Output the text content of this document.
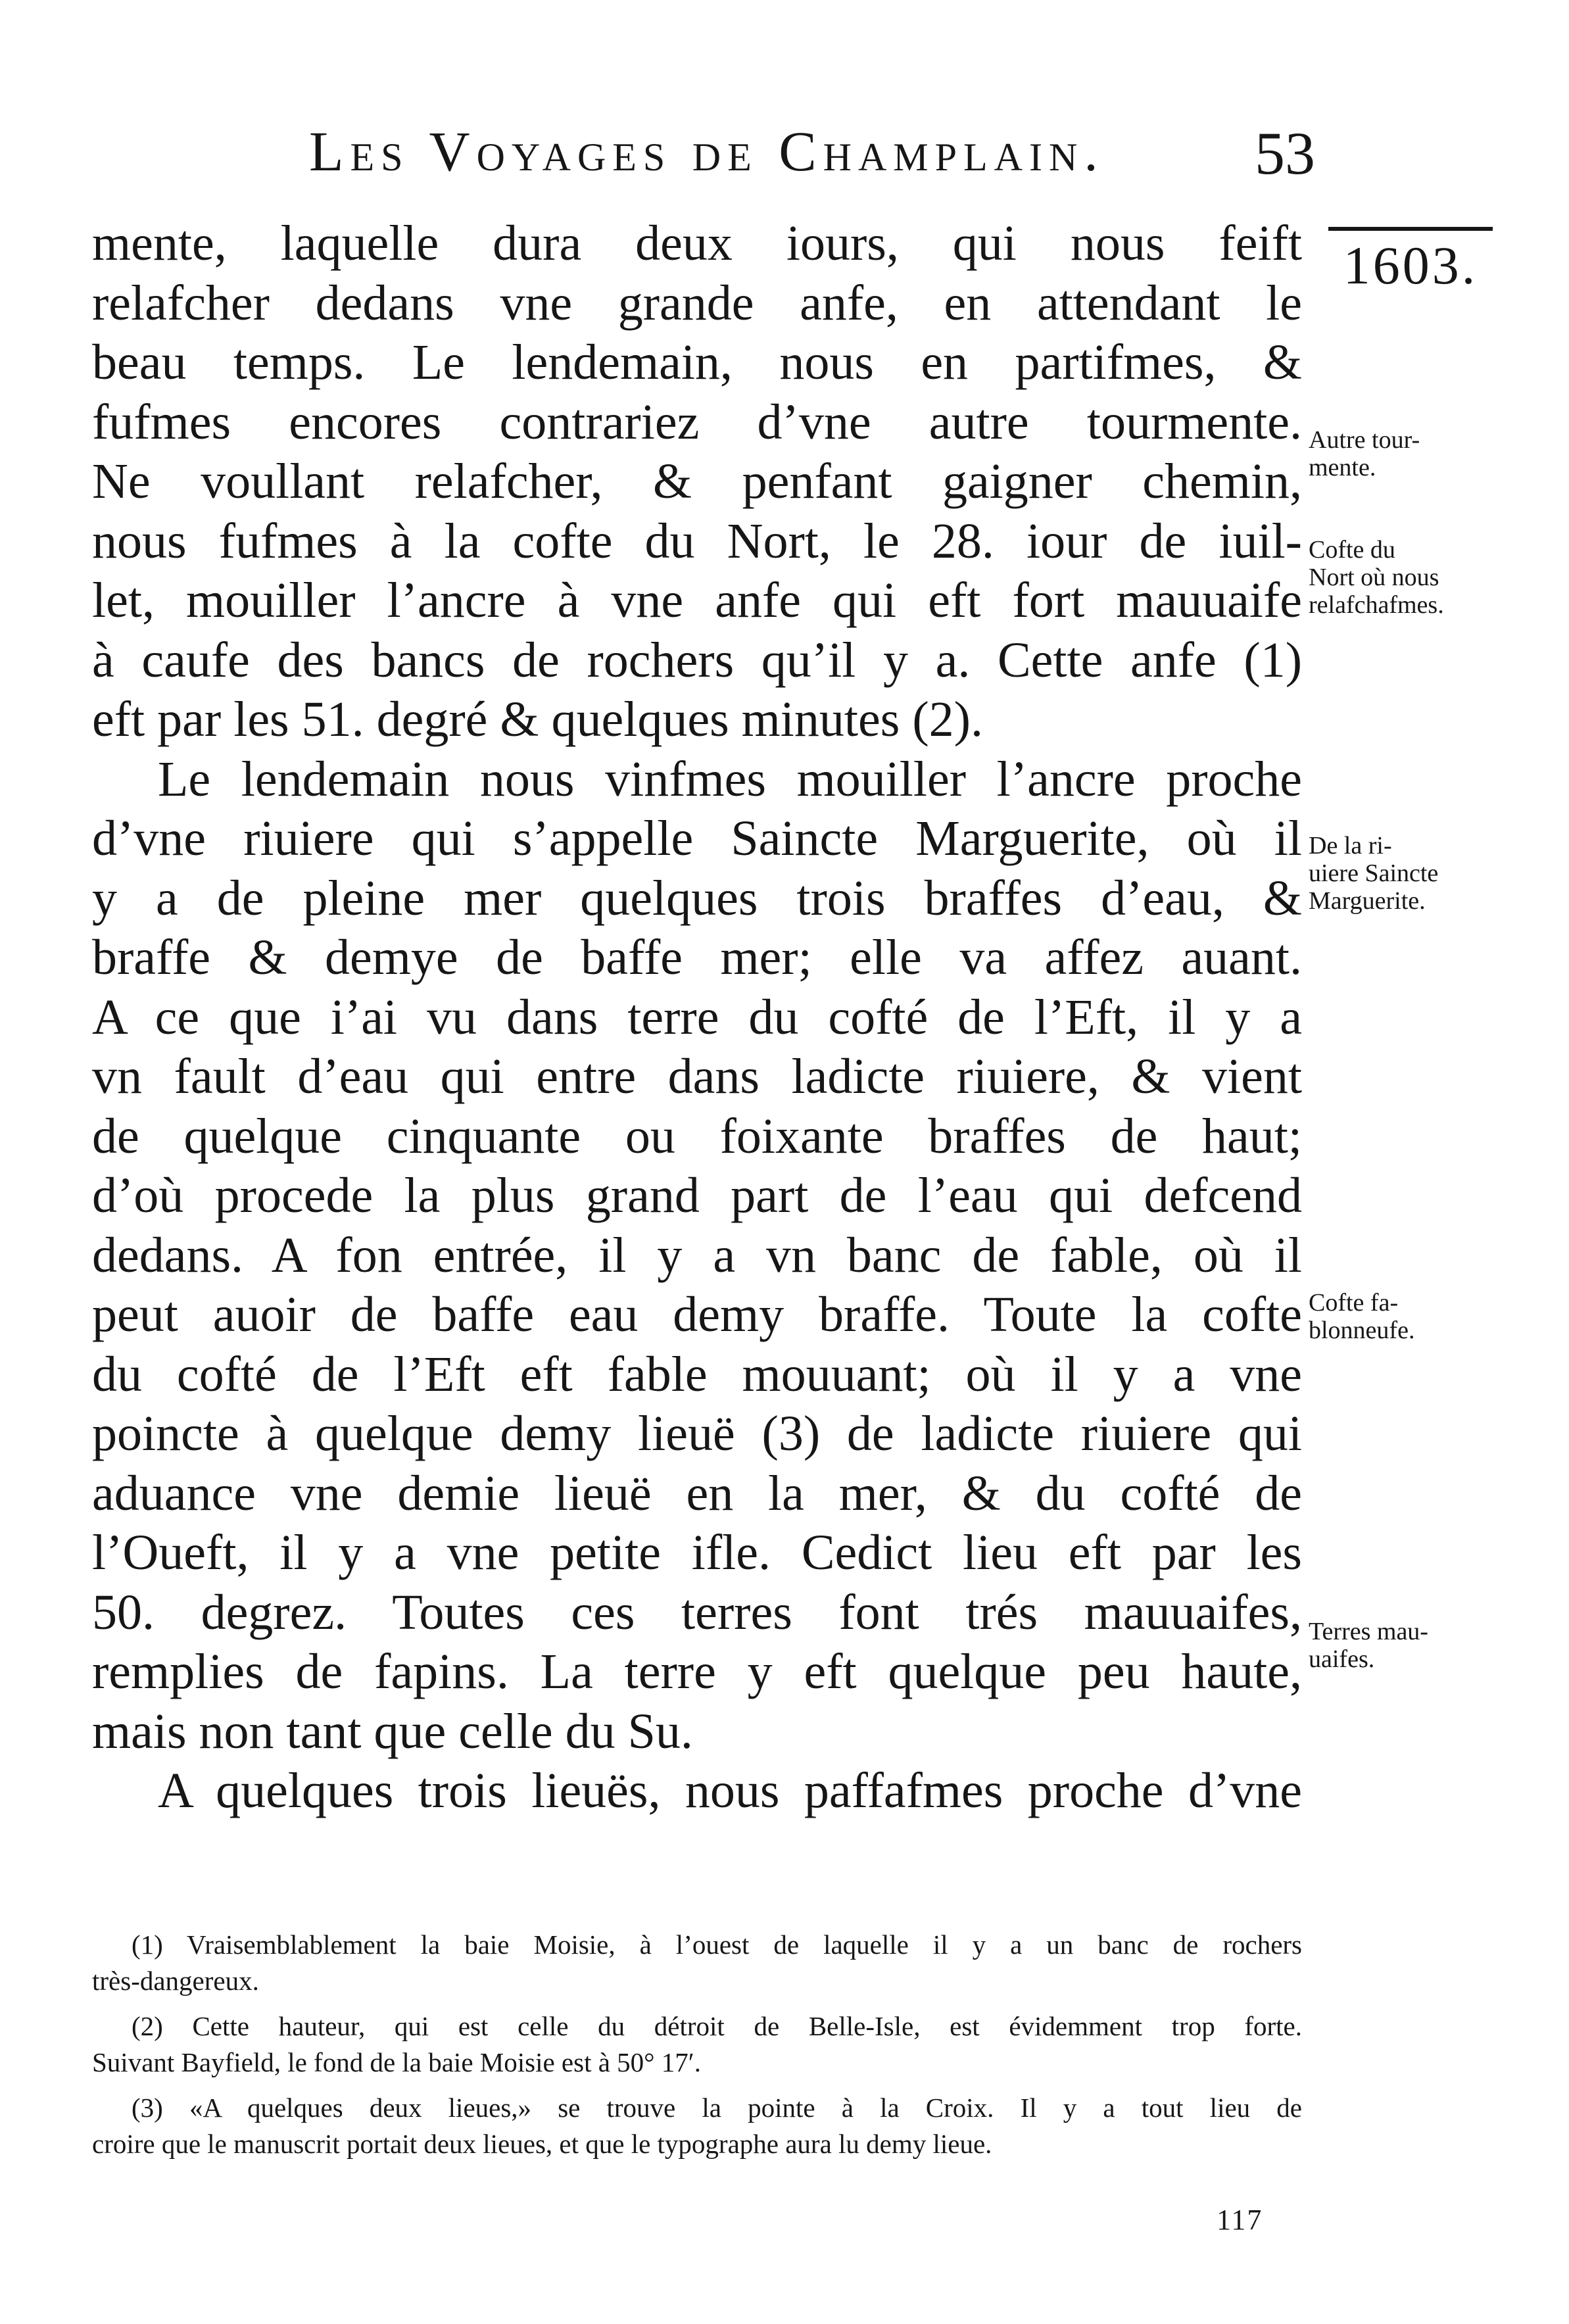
Les Voyages de Champlain. 53
1603.
mente, laquelle dura deux iours, qui nous feift
relafcher dedans vne grande anfe, en attendant le
beau temps. Le lendemain, nous en partifmes, &
fufmes encores contrariez d’vne autre tourmente.
Ne voullant relafcher, & penfant gaigner chemin,
nous fufmes à la cofte du Nort, le 28. iour de iuil-
let, mouiller l’ancre à vne anfe qui eft fort mauuaife
à caufe des bancs de rochers qu’il y a. Cette anfe (1)
eft par les 51. degré & quelques minutes (2).
Le lendemain nous vinfmes mouiller l’ancre proche
d’vne riuiere qui s’appelle Saincte Marguerite, où il
y a de pleine mer quelques trois braffes d’eau, &
braffe & demye de baffe mer; elle va affez auant.
A ce que i’ai vu dans terre du cofté de l’Eft, il y a
vn fault d’eau qui entre dans ladicte riuiere, & vient
de quelque cinquante ou foixante braffes de haut;
d’où procede la plus grand part de l’eau qui defcend
dedans. A fon entrée, il y a vn banc de fable, où il
peut auoir de baffe eau demy braffe. Toute la cofte
du cofté de l’Eft eft fable mouuant; où il y a vne
poincte à quelque demy lieuë (3) de ladicte riuiere qui
aduance vne demie lieuë en la mer, & du cofté de
l’Oueft, il y a vne petite ifle. Cedict lieu eft par les
50. degrez. Toutes ces terres font trés mauuaifes,
remplies de fapins. La terre y eft quelque peu haute,
mais non tant que celle du Su.
A quelques trois lieuës, nous paffafmes proche d’vne
Autre tour-
mente.
Cofte du
Nort où nous
relafchafmes.
De la ri-
uiere Saincte
Marguerite.
Cofte fa-
blonneufe.
Terres mau-
uaifes.
(1) Vraisemblablement la baie Moisie, à l’ouest de laquelle il y a un banc de rochers
très-dangereux.
(2) Cette hauteur, qui est celle du détroit de Belle-Isle, est évidemment trop forte.
Suivant Bayfield, le fond de la baie Moisie est à 50° 17′.
(3) «A quelques deux lieues,» se trouve la pointe à la Croix. Il y a tout lieu de
croire que le manuscrit portait deux lieues, et que le typographe aura lu demy lieue.
117
